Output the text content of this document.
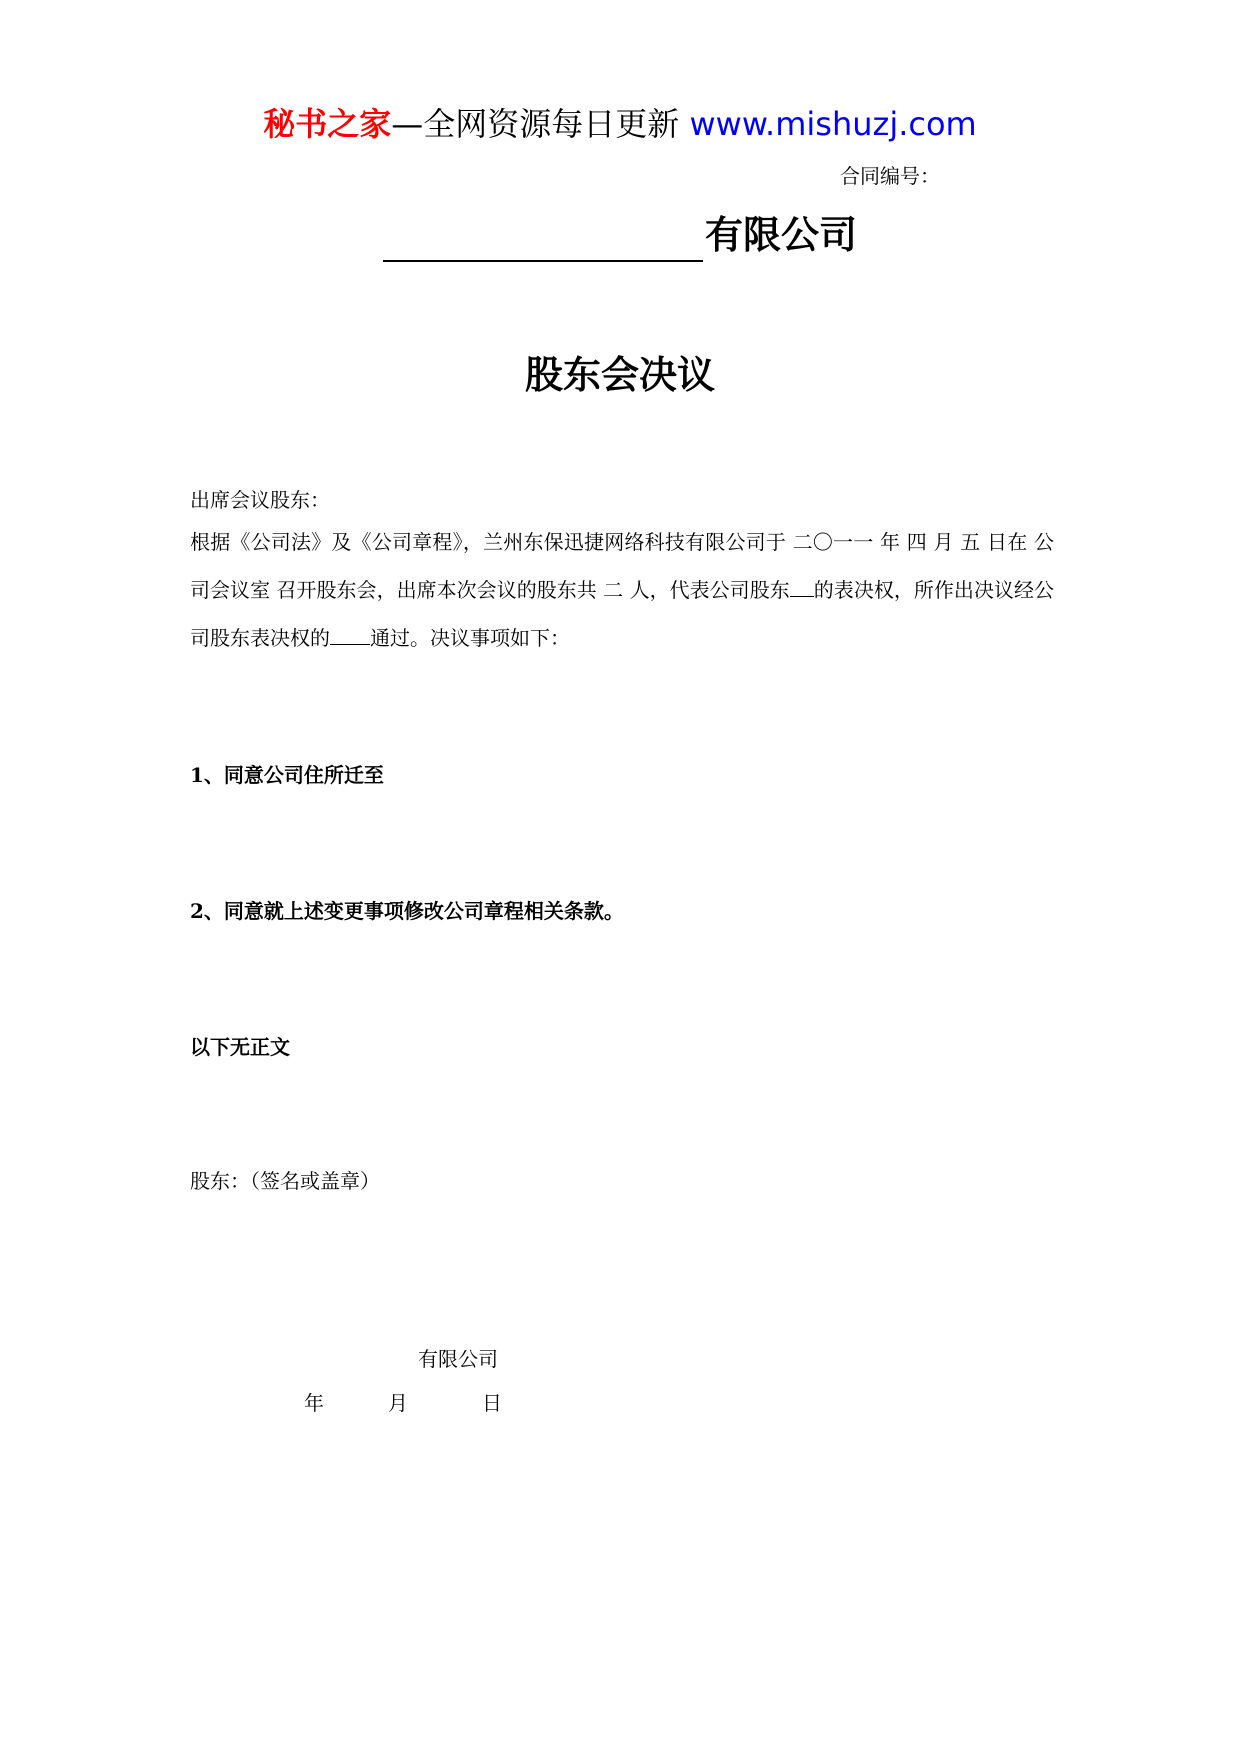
秘书之家—全网资源每日更新 www.mishuzj.com
合同编号：
有限公司
股东会决议
出席会议股东：
根据《公司法》及《公司章程》，兰州东保迅捷网络科技有限公司于 二〇一一 年 四 月 五 日在 公司会议室 召开股东会，出席本次会议的股东共 二 人，代表公司股东 的表决权，所作出决议经公司股东表决权的 通过。决议事项如下：
1、同意公司住所迁至
2、同意就上述变更事项修改公司章程相关条款。
以下无正文
股东：（签名或盖章）
有限公司
年	月	日
